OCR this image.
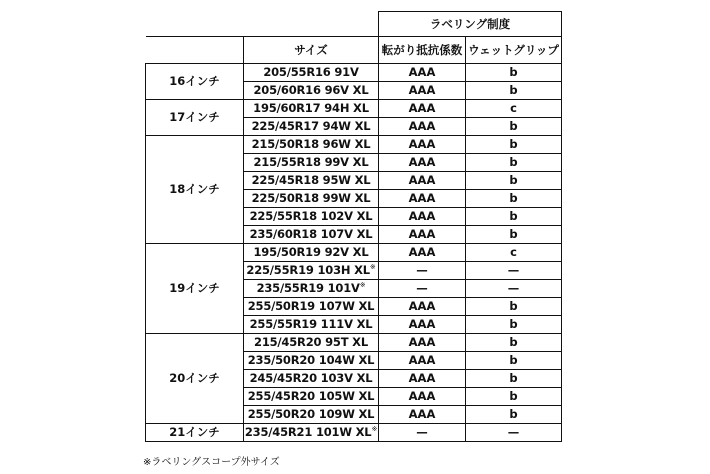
		ラベリング制度	
	サイズ	転がり抵抗係数	ウェットグリップ
16インチ	205/55R16 91V	AAA	b
	205/60R16 96V XL	AAA	b
17インチ	195/60R17 94H XL	AAA	c
	225/45R17 94W XL	AAA	b
18インチ	215/50R18 96W XL	AAA	b
	215/55R18 99V XL	AAA	b
	225/45R18 95W XL	AAA	b
	225/50R18 99W XL	AAA	b
	225/55R18 102V XL	AAA	b
	235/60R18 107V XL	AAA	b
19インチ	195/50R19 92V XL	AAA	c
	225/55R19 103H XL※	—	—
	235/55R19 101V※	—	—
	255/50R19 107W XL	AAA	b
	255/55R19 111V XL	AAA	b
20インチ	215/45R20 95T XL	AAA	b
	235/50R20 104W XL	AAA	b
	245/45R20 103V XL	AAA	b
	255/45R20 105W XL	AAA	b
	255/50R20 109W XL	AAA	b
21インチ	235/45R21 101W XL※	—	—
※ラベリングスコープ外サイズ
